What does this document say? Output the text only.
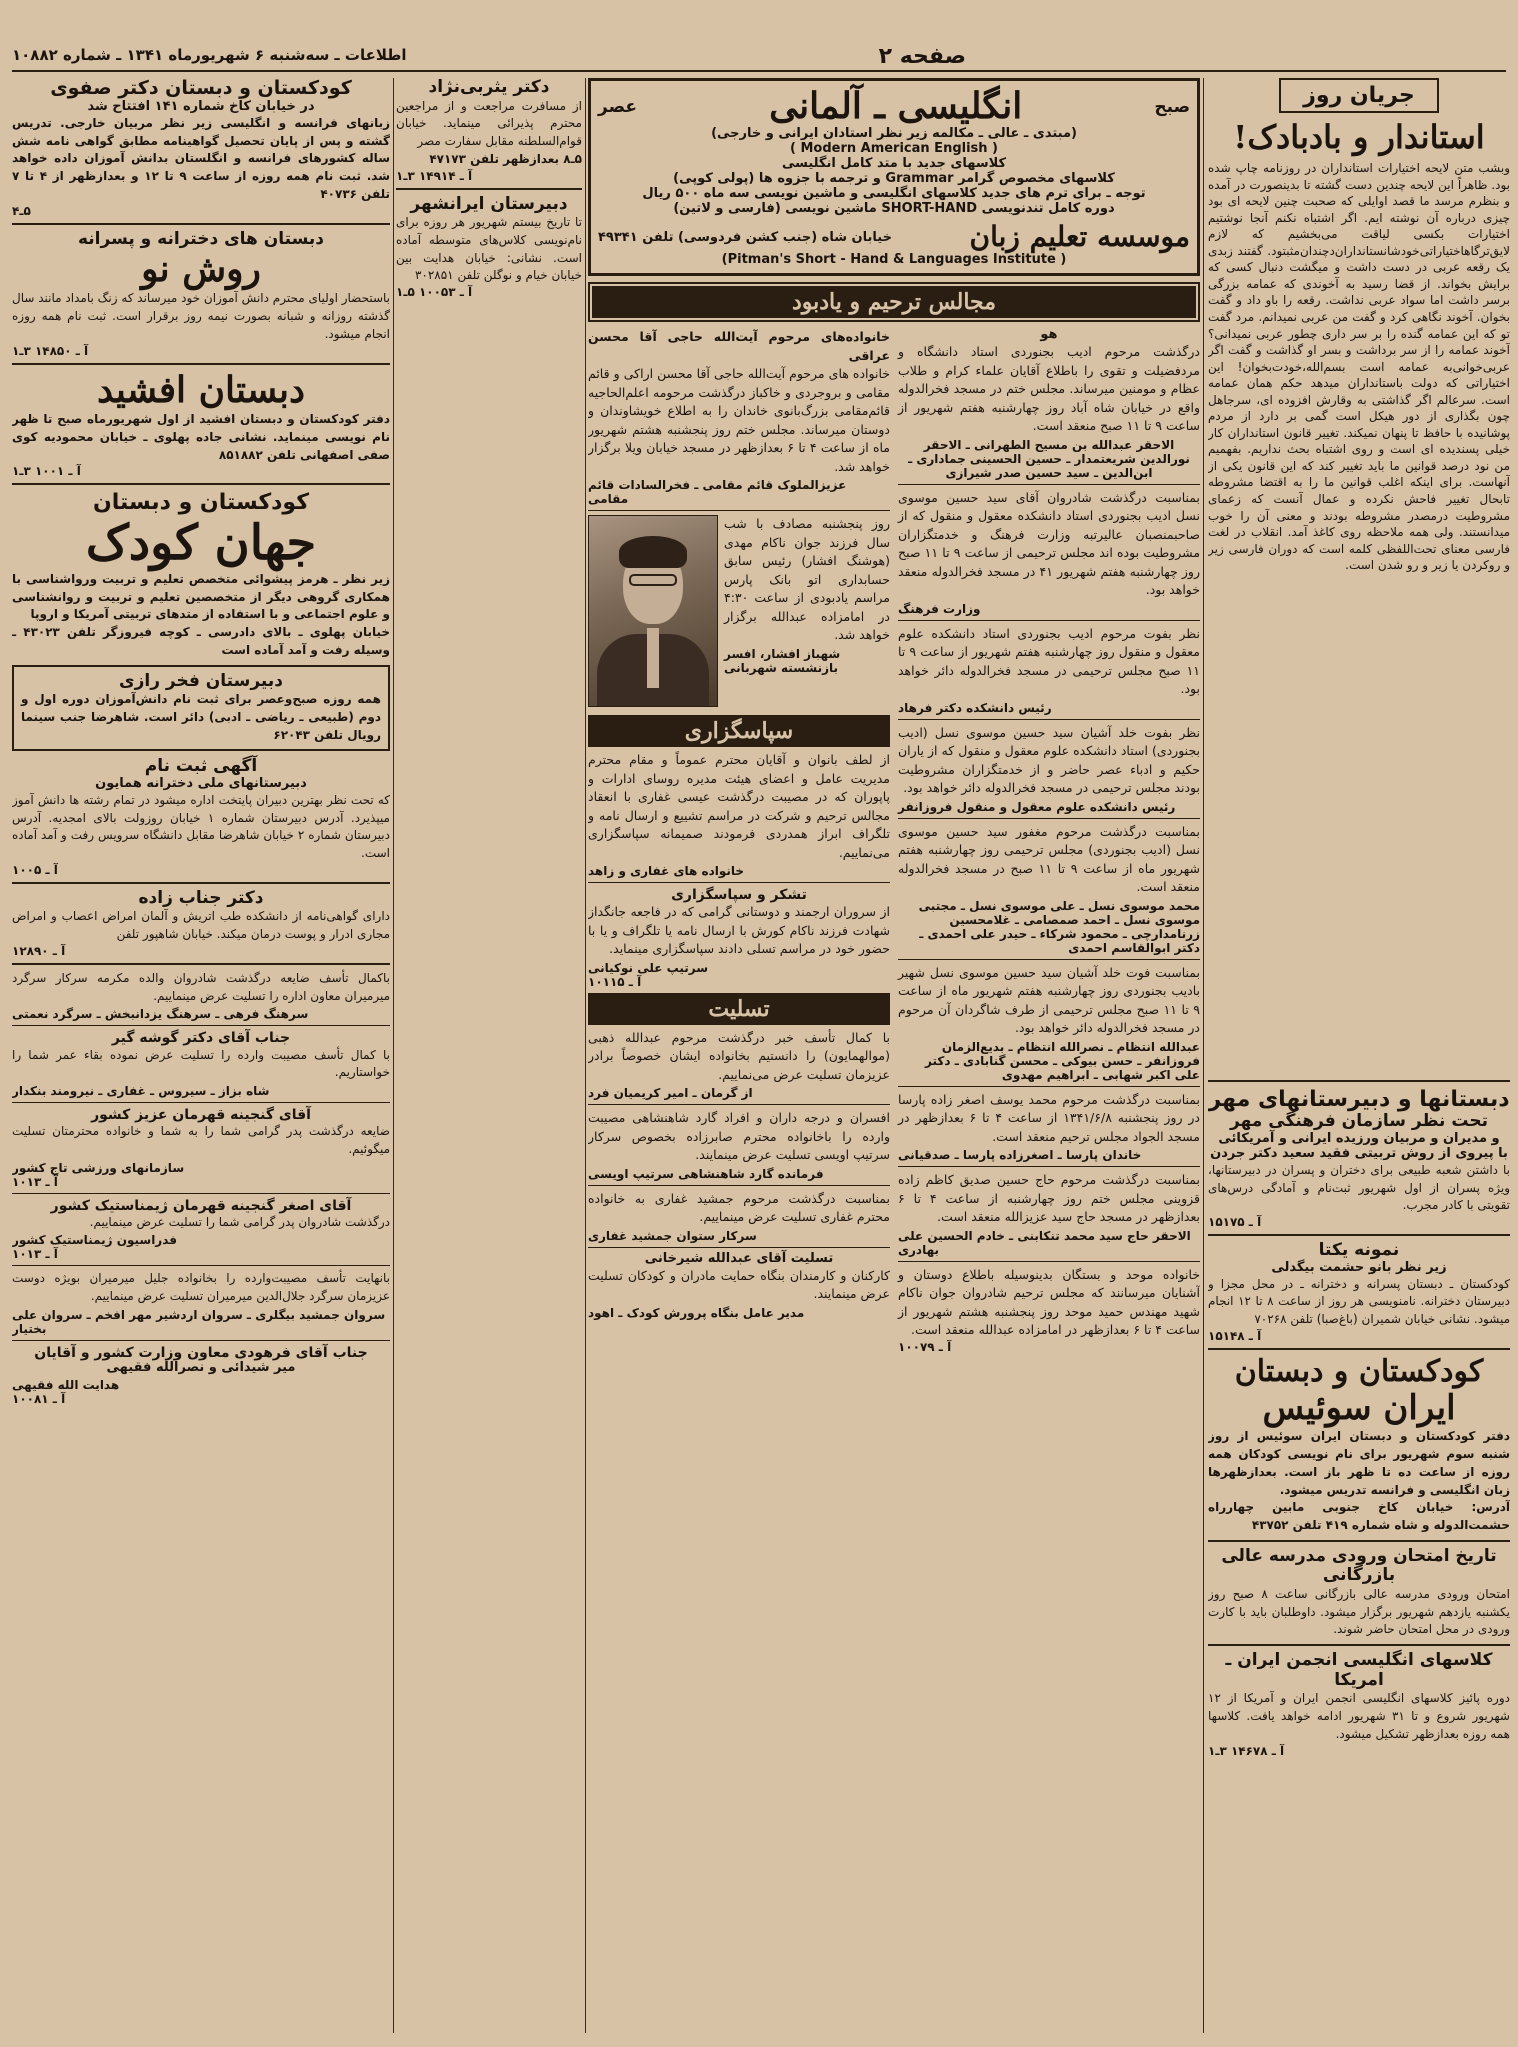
صفحه ۲
اطلاعات ـ سه‌شنبه ۶ شهریورماه ۱۳۴۱ ـ شماره ۱۰۸۸۲
جریان روز
استاندار و بادبادک!
وبشب متن لایحه اختیارات استانداران در روزنامه چاپ شده بود. ظاهراً این لایحه چندین دست گشته تا بدینصورت در آمده و بنظرم مرسد ما قصد اوایلی که صحبت چنین لایحه ای بود چیزی درباره آن نوشته ایم. اگر اشتباه نکنم آنجا نوشتیم اختیارات بکسی لیاقت می‌بخشیم که لازم لایق‌ترگاهاختیاراتی‌خودشانستانداران‌دچندان‌مثبتود. گفتند زبدی یک رقعه عربی در دست داشت و میگشت دنبال کسی که برایش بخواند. از قضا رسید به آخوندی که عمامه بزرگی برسر داشت اما سواد عربی نداشت. رقعه را باو داد و گفت بخوان. آخوند نگاهی کرد و گفت من عربی نمیدانم. مرد گفت تو که این عمامه گنده را بر سر داری چطور عربی نمیدانی؟ آخوند عمامه را از سر برداشت و بسر او گذاشت و گفت اگر عربی‌خوانی‌به عمامه است بسم‌الله‌،خودت‌بخوان! این اختیاراتی که دولت باستانداران میدهد حکم همان عمامه است. سرعالم اگر گذاشتی به وقارش افزوده ای، سرجاهل چون بگذاری از دور هیکل است گمی بر دارد از مردم پوشانیده با حافظ تا پنهان نمیکند. تغییر قانون استانداران کار خیلی پسندیده ای است و روی اشتباه بحث نداریم. بفهمیم من نود درصد قوانین ما باید تغییر کند که این قانون یکی از آنهاست. برای اینکه اغلب قوانین ما را به اقتضا مشروطه تابحال تغییر فاحش نکرده و عمال آنست که زعمای مشروطیت درمصدر مشروطه بودند و معنی آن را خوب میدانستند. ولی همه ملاحظه روی کاغذ آمد. انقلاب در لغت فارسی معنای تحت‌اللفظی کلمه است که دوران فارسی زیر و روکردن یا زیر و رو شدن است.
دبستانها و دبیرستانهای مهر
تحت نظر سازمان فرهنگی مهر
و مدیران و مربیان ورزیده ایرانی و آمریکائی
با پیروی از روش تربیتی فقید سعید دکتر جردن
با داشتن شعبه طبیعی برای دختران و پسران در دبیرستانها، ویژه پسران از اول شهریور ثبت‌نام و آمادگی درس‌های تقویتی با کادر مجرب.
آ ـ ۱۵۱۷۵
نمونه یکتا
زیر نظر بانو حشمت بیگدلی
کودکستان ـ دبستان پسرانه و دخترانه ـ در محل مجزا و دبیرستان دخترانه. نامنویسی هر روز از ساعت ۸ تا ۱۲ انجام میشود. نشانی خیابان شمیران (باغ‌صبا) تلفن ۷۰۲۶۸
آ ـ ۱۵۱۴۸
کودکستان و دبستان
ایران سوئیس
دفتر کودکستان و دبستان ایران سوئیس از روز شنبه سوم شهریور برای نام نویسی کودکان همه روزه از ساعت ده تا ظهر باز است. بعدازظهرها زبان انگلیسی و فرانسه تدریس میشود.
آدرس: خیابان کاخ جنوبی مابین چهارراه حشمت‌الدوله و شاه شماره ۴۱۹ تلفن ۴۳۷۵۲
تاریخ امتحان ورودی مدرسه عالی بازرگانی
امتحان ورودی مدرسه عالی بازرگانی ساعت ۸ صبح روز یکشنبه یازدهم شهریور برگزار میشود. داوطلبان باید با کارت ورودی در محل امتحان حاضر شوند.
کلاسهای انگلیسی انجمن ایران ـ امریکا
دوره پائیز کلاسهای انگلیسی انجمن ایران و آمریکا از ۱۲ شهریور شروع و تا ۳۱ شهریور ادامه خواهد یافت. کلاسها همه روزه بعدازظهر تشکیل میشود.
آ ـ ۱۴۶۷۸ ۳ـ۱
صبح
انگلیسی ـ آلمانی
عصر
(مبتدی ـ عالی ـ مکالمه زیر نظر استادان ایرانی و خارجی)
( Modern American English )
کلاسهای جدید با متد کامل انگلیسی
کلاسهای مخصوص گرامر Grammar و ترجمه با جزوه ها (پولی کوپی)
توجه ـ برای ترم های جدید کلاسهای انگلیسی و ماشین نویسی سه ماه ۵۰۰ ریال
دوره کامل تندنویسی SHORT-HAND ماشین نویسی (فارسی و لاتین)
موسسه تعلیم زبان
خیابان شاه (جنب کشن فردوسی) تلفن ۴۹۳۴۱
(Pitman's Short - Hand & Languages Institute )
مجالس ترحیم و یادبود
هو
درگذشت مرحوم ادیب بجنوردی استاد دانشگاه و مردفضیلت و تقوی را باطلاع آقایان علماء کرام و طلاب عظام و مومنین میرساند. مجلس ختم در مسجد فخرالدوله واقع در خیابان شاه آباد روز چهارشنبه هفتم شهریور از ساعت ۹ تا ۱۱ صبح منعقد است.
الاحقر عبدالله بن مسیح الطهرانی ـ الاحقر نورالدین شریعتمدار ـ حسین الحسینی جماداری ـ ابن‌الدین ـ سید حسین صدر شیرازی
بمناسبت درگذشت شادروان آقای سید حسین موسوی نسل ادیب بجنوردی استاد دانشکده معقول و منقول که از صاحبمنصبان عالیرتبه وزارت فرهنگ و خدمتگزاران مشروطیت بوده اند مجلس ترحیمی از ساعت ۹ تا ۱۱ صبح روز چهارشنبه هفتم شهریور ۴۱ در مسجد فخرالدوله منعقد خواهد بود.
وزارت فرهنگ
نظر بفوت مرحوم ادیب بجنوردی استاد دانشکده علوم معقول و منقول روز چهارشنبه هفتم شهریور از ساعت ۹ تا ۱۱ صبح مجلس ترحیمی در مسجد فخرالدوله دائر خواهد بود.
رئیس دانشکده دکتر فرهاد
نظر بفوت خلد آشیان سید حسین موسوی نسل (ادیب بجنوردی) استاد دانشکده علوم معقول و منقول که از یاران حکیم و ادباء عصر حاضر و از خدمتگزاران مشروطیت بودند مجلس ترحیمی در مسجد فخرالدوله دائر خواهد بود.
رئیس دانشکده علوم معقول و منقول فروزانفر
بمناسبت درگذشت مرحوم مغفور سید حسین موسوی نسل (ادیب بجنوردی) مجلس ترحیمی روز چهارشنبه هفتم شهریور ماه از ساعت ۹ تا ۱۱ صبح در مسجد فخرالدوله منعقد است.
محمد موسوی نسل ـ علی موسوی نسل ـ مجتبی موسوی نسل ـ احمد صمصامی ـ غلامحسین زرنامدارچی ـ محمود شرکاء ـ حیدر علی احمدی ـ دکتر ابوالقاسم احمدی
بمناسبت فوت خلد آشیان سید حسین موسوی نسل شهیر بادیب بجنوردی روز چهارشنبه هفتم شهریور ماه از ساعت ۹ تا ۱۱ صبح مجلس ترحیمی از طرف شاگردان آن مرحوم در مسجد فخرالدوله دائر خواهد بود.
عبدالله انتظام ـ نصرالله انتظام ـ بدیع‌الزمان فروزانفر ـ حسن بیوکی ـ محسن گنابادی ـ دکتر علی اکبر شهابی ـ ابراهیم مهدوی
بمناسبت درگذشت مرحوم محمد یوسف اصغر زاده پارسا در روز پنجشنبه ۱۳۴۱/۶/۸ از ساعت ۴ تا ۶ بعدازظهر در مسجد الجواد مجلس ترحیم منعقد است.
خاندان پارسا ـ اصغرزاده پارسا ـ صدقیانی
بمناسبت درگذشت مرحوم حاج حسین صدیق کاظم زاده قزوینی مجلس ختم روز چهارشنبه از ساعت ۴ تا ۶ بعدازظهر در مسجد حاج سید عزیزالله منعقد است.
الاحقر حاج سید محمد تنکابنی ـ خادم الحسین علی بهادری
خانواده موحد و بستگان بدینوسیله باطلاع دوستان و آشنایان میرسانند که مجلس ترحیم شادروان جوان ناکام شهید مهندس حمید موحد روز پنجشنبه هشتم شهریور از ساعت ۴ تا ۶ بعدازظهر در امامزاده عبدالله منعقد است.
آ ـ ۱۰۰۷۹
خانواده‌های مرحوم آیت‌الله حاجی آقا محسن عراقی
خانواده های مرحوم آیت‌الله حاجی آقا محسن اراکی و قائم مقامی و بروجردی و خاکباز درگذشت مرحومه اعلم‌الحاجیه قائم‌مقامی بزرگ‌بانوی خاندان را به اطلاع خویشاوندان و دوستان میرساند. مجلس ختم روز پنجشنبه هشتم شهریور ماه از ساعت ۴ تا ۶ بعدازظهر در مسجد خیابان ویلا برگزار خواهد شد.
عزیزالملوک قائم مقامی ـ فخرالسادات قائم مقامی
روز پنجشنبه مصادف با شب سال فرزند جوان ناکام مهدی (هوشنگ افشار) رئیس سابق حسابداری اتو بانک پارس مراسم یادبودی از ساعت ۴:۳۰ در امامزاده عبدالله برگزار خواهد شد.
شهباز افشار، افسر بازنشسته شهربانی
سپاسگزاری
از لطف بانوان و آقایان محترم عموماً و مقام محترم مدیریت عامل و اعضای هیئت مدیره روسای ادارات و پاپوران که در مصیبت درگذشت عیسی غفاری با انعقاد مجالس ترحیم و شرکت در مراسم تشییع و ارسال نامه و تلگراف ابراز همدردی فرمودند صمیمانه سپاسگزاری می‌نماییم.
خانواده های غفاری و زاهد
تشکر و سپاسگزاری
از سروران ارجمند و دوستانی گرامی که در فاجعه جانگداز شهادت فرزند ناکام کورش با ارسال نامه یا تلگراف و یا با حضور خود در مراسم تسلی دادند سپاسگزاری مینماید.
سرتیپ علی نوکیانی
آ ـ ۱۰۱۱۵
تسلیت
با کمال تأسف خبر درگذشت مرحوم عبدالله ذهبی (موالهمایون) را دانستیم بخانواده ایشان خصوصاً برادر عزیزمان تسلیت عرض می‌نماییم.
از گرمان ـ امیر کریمیان فرد
افسران و درجه داران و افراد گارد شاهنشاهی مصیبت وارده را باخانواده محترم صابرزاده بخصوص سرکار سرتیپ اویسی تسلیت عرض مینمایند.
فرمانده گارد شاهنشاهی سرتیپ اویسی
بمناسبت درگذشت مرحوم جمشید غفاری به خانواده محترم غفاری تسلیت عرض مینماییم.
سرکار ستوان جمشید غفاری
تسلیت آقای عبدالله شیرخانی
کارکنان و کارمندان بنگاه حمایت مادران و کودکان تسلیت عرض مینمایند.
مدیر عامل بنگاه پرورش کودک ـ اهود
دکتر یثربی‌نژاد
از مسافرت مراجعت و از مراجعین محترم پذیرائی مینماید. خیابان قوام‌السلطنه مقابل سفارت مصر
۵ـ۸ بعدازظهر تلفن ۴۷۱۷۳
آ ـ ۱۴۹۱۴ ۳ـ۱
دبیرستان ایرانشهر
تا تاریخ بیستم شهریور هر روزه برای نام‌نویسی کلاس‌های متوسطه آماده است. نشانی: خیابان هدایت بین خیابان خیام و نوگلن تلفن ۳۰۲۸۵۱
آ ـ ۱۰۰۵۳ ۵ـ۱
کودکستان و دبستان دکتر صفوی
در خیابان کاخ شماره ۱۴۱ افتتاح شد
زبانهای فرانسه و انگلیسی زیر نظر مربیان خارجی. تدریس گشته و پس از پایان تحصیل گواهینامه مطابق گواهی نامه شش ساله کشورهای فرانسه و انگلستان بدانش آموزان داده خواهد شد. ثبت نام همه روزه از ساعت ۹ تا ۱۲ و بعدازظهر از ۴ تا ۷ تلفن ۴۰۷۳۶
۵ـ۴
دبستان های دخترانه و پسرانه
روش نو
باستحضار اولیای محترم دانش آموزان خود میرساند که زنگ بامداد مانند سال گذشته روزانه و شبانه بصورت نیمه روز برقرار است. ثبت نام همه روزه انجام میشود.
آ ـ ۱۴۸۵۰ ۳ـ۱
دبستان افشید
دفتر کودکستان و دبستان افشید از اول شهریورماه صبح تا ظهر نام نویسی مینماید. نشانی جاده پهلوی ـ خیابان محمودیه کوی صفی اصفهانی تلفن ۸۵۱۸۸۲
آ ـ ۱۰۰۱ ۳ـ۱
کودکستان و دبستان
جهان کودک
زیر نظر ـ هرمز پیشوائی متخصص تعلیم و تربیت ورواشناسی با همکاری گروهی دیگر از متخصصین تعلیم و تربیت و روانشناسی و علوم اجتماعی و با استفاده از متدهای تربیتی آمریکا و اروپا
خیابان پهلوی ـ بالای دادرسی ـ کوچه فیروزگر تلفن ۴۳۰۲۳ ـ وسیله رفت و آمد آماده است
دبیرستان فخر رازی
همه روزه صبح‌وعصر برای ثبت نام دانش‌آموزان دوره اول و دوم (طبیعی ـ ریاضی ـ ادبی) دائر است. شاهرضا جنب سینما رویال تلفن ۶۲۰۴۳
آگهی ثبت نام
دبیرستانهای ملی دخترانه همایون
که تحت نظر بهترین دبیران پایتخت اداره میشود در تمام رشته ها دانش آموز میپذیرد. آدرس دبیرستان شماره ۱ خیابان روزولت بالای امجدیه. آدرس دبیرستان شماره ۲ خیابان شاهرضا مقابل دانشگاه سرویس رفت و آمد آماده است.
آ ـ ۱۰۰۵
دکتر جناب زاده
دارای گواهی‌نامه از دانشکده طب اتریش و آلمان امراض اعصاب و امراض مجاری ادرار و پوست درمان میکند. خیابان شاهپور تلفن
آ ـ ۱۲۸۹۰
باکمال تأسف ضایعه درگذشت شادروان والده مکرمه سرکار سرگرد میرمیران معاون اداره را تسلیت عرض مینماییم.
سرهنگ فرهی ـ سرهنگ یزدانبخش ـ سرگرد نعمتی
جناب آقای دکتر گوشه گیر
با کمال تأسف مصیبت وارده را تسلیت عرض نموده بقاء عمر شما را خواستاریم.
شاه بزاز ـ سیروس ـ غفاری ـ نیرومند بنکدار
آقای گنجینه قهرمان عزیز کشور
ضایعه درگذشت پدر گرامی شما را به شما و خانواده محترمتان تسلیت میگوئیم.
سازمانهای ورزشی تاج کشور
آ ـ ۱۰۱۳
آقای اصغر گنجینه قهرمان ژیمناستیک کشور
درگذشت شادروان پدر گرامی شما را تسلیت عرض مینماییم.
فدراسیون ژیمناستیک کشور
آ ـ ۱۰۱۳
بانهایت تأسف مصیبت‌وارده را بخانواده جلیل میرمیران بویژه دوست عزیزمان سرگرد جلال‌الدین میرمیران تسلیت عرض مینماییم.
سروان جمشید بیگلری ـ سروان اردشیر مهر افخم ـ سروان علی بختیار
جناب آقای فرهودی معاون وزارت کشور و آقایان
میر شیدائی و نصرالله فقیهی
هدایت الله فقیهی
آ ـ ۱۰۰۸۱
